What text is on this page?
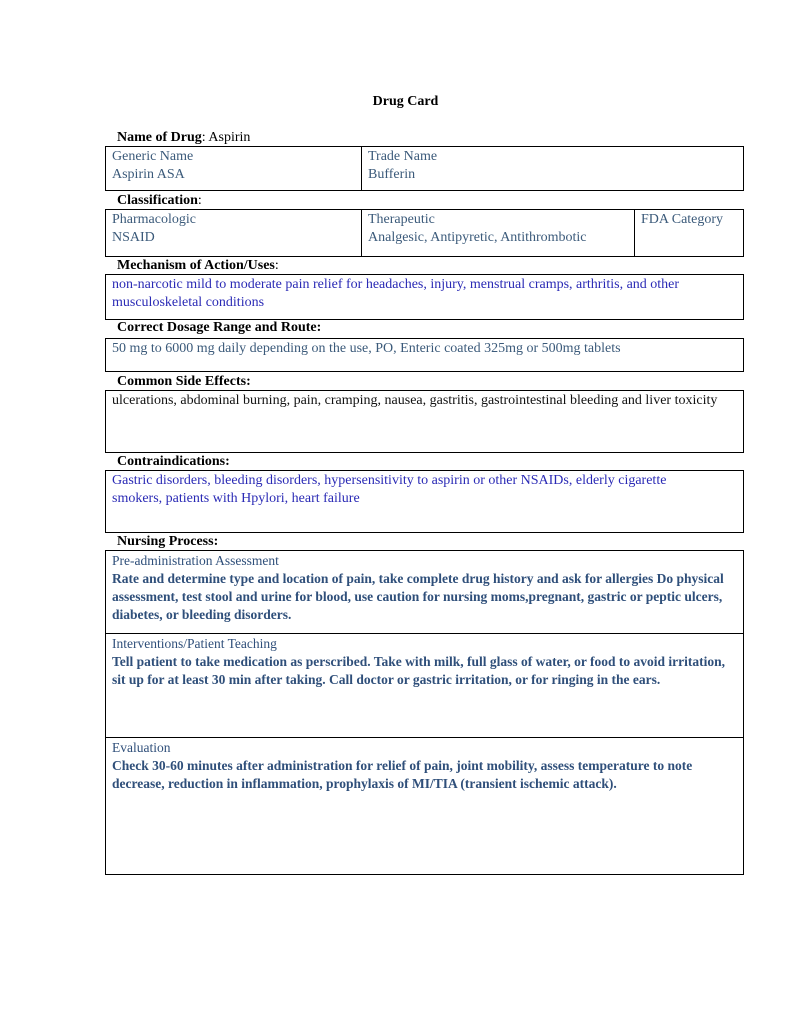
Drug Card
Name of Drug: Aspirin
Generic Name
Aspirin ASA
Trade Name
Bufferin
Classification:
Pharmacologic
NSAID
Therapeutic
Analgesic, Antipyretic, Antithrombotic
FDA Category
Mechanism of Action/Uses:
non-narcotic mild to moderate pain relief for headaches, injury, menstrual cramps, arthritis, and other musculoskeletal conditions
Correct Dosage Range and Route:
50 mg to 6000 mg daily depending on the use, PO, Enteric coated 325mg or 500mg tablets
Common Side Effects:
ulcerations, abdominal burning, pain, cramping, nausea, gastritis, gastrointestinal bleeding and liver toxicity
Contraindications:
Gastric disorders, bleeding disorders, hypersensitivity to aspirin or other NSAIDs, elderly cigarette smokers, patients with Hpylori, heart failure
Nursing Process:
Pre-administration Assessment
Rate and determine type and location of pain, take complete drug history and ask for allergies Do physical assessment, test stool and urine for blood, use caution for nursing moms,pregnant, gastric or peptic ulcers, diabetes, or bleeding disorders.
Interventions/Patient Teaching
Tell patient to take medication as perscribed. Take with milk, full glass of water, or food to avoid irritation, sit up for at least 30 min after taking. Call doctor or gastric irritation, or for ringing in the ears.
Evaluation
Check 30-60 minutes after administration for relief of pain, joint mobility, assess temperature to note decrease, reduction in inflammation, prophylaxis of MI/TIA (transient ischemic attack).
